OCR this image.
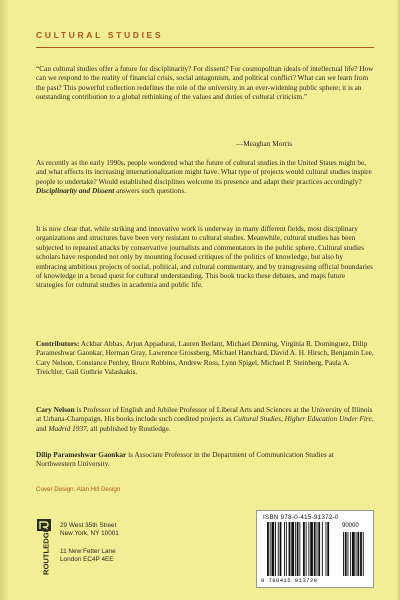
CULTURAL STUDIES
“Can cultural studies offer a future for disciplinarity? For dissent? For cosmopolitan ideals of intellectual life? How can we respond to the reality of financial crisis, social antagonism, and political conflict? What can we learn from the past? This powerful collection redefines the role of the university in an ever-widening public sphere; it is an outstanding contribution to a global rethinking of the values and duties of cultural criticism.”
—Meaghan Morris
As recently as the early 1990s, people wondered what the future of cultural studies in the United States might be, and what effects its increasing internationalization might have. What type of projects would cultural studies inspire people to undertake? Would established disciplines welcome its presence and adapt their practices accordingly? Disciplinarity and Dissent answers such questions.
It is now clear that, while striking and innovative work is underway in many different fields, most disciplinary organizations and structures have been very resistant to cultural studies. Meanwhile, cultural studies has been subjected to repeated attacks by conservative journalists and commentators in the public sphere. Cultural studies scholars have responded not only by mounting focused critiques of the politics of knowledge, but also by embracing ambitious projects of social, political, and cultural commentary, and by transgressing official boundaries of knowledge in a broad quest for cultural understanding. This book tracks these debates, and maps future strategies for cultural studies in academia and public life.
Contributors: Ackbar Abbas, Arjun Appadurai, Lauren Berlant, Michael Denning, Virginia R. Dominguez, Dilip Parameshwar Gaonkar, Herman Gray, Lawrence Grossberg, Michael Hanchard, David A. H. Hirsch, Benjamin Lee, Cary Nelson, Constance Penley, Bruce Robbins, Andrew Ross, Lynn Spigel, Michael P. Steinberg, Paula A. Treichler, Gail Guthrie Valaskakis.
Cary Nelson is Professor of English and Jubilee Professor of Liberal Arts and Sciences at the University of Illinois at Urbana-Champaign. His books include such coedited projects as Cultural Studies, Higher Education Under Fire, and Madrid 1937, all published by Routledge.
Dilip Parameshwar Gaonkar is Associate Professor in the Department of Communication Studies at Northwestern University.
Cover Design: Alan Hill Design
ROUTLEDGE
29 West 35th Street
New York, NY 10001
11 New Fetter Lane
London EC4P 4EE
ISBN 978-0-415-91372-0
90000
9 780415 913720
